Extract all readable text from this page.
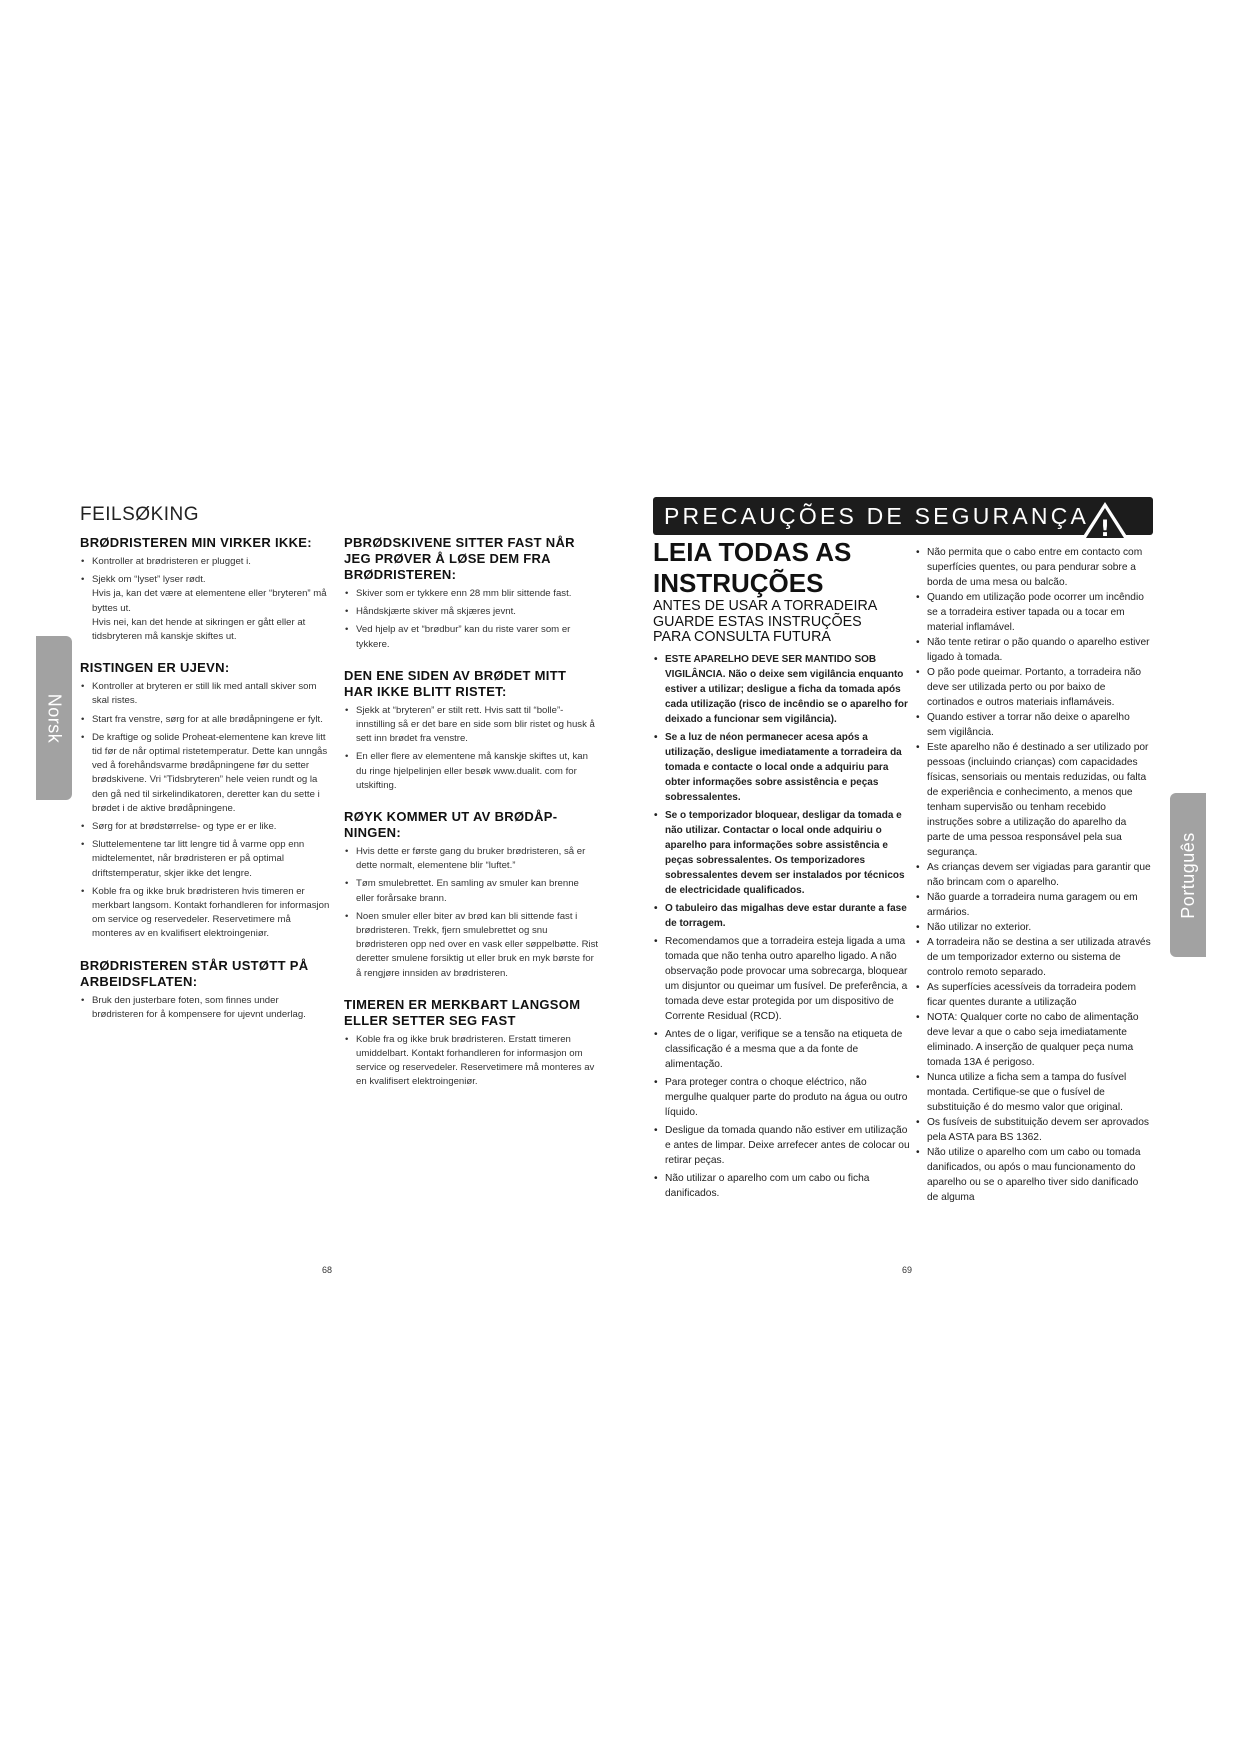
Norsk
FEILSØKING
BRØDRISTEREN MIN VIRKER IKKE:
• Kontroller at brødristeren er plugget i.
• Sjekk om “lyset” lyser rødt.
Hvis ja, kan det være at elementene eller “bryteren” må byttes ut.
Hvis nei, kan det hende at sikringen er gått eller at tidsbryteren må kanskje skiftes ut.
RISTINGEN ER UJEVN:
• Kontroller at bryteren er still lik med antall skiver som skal ristes.
• Start fra venstre, sørg for at alle brødåpningene er fylt.
• De kraftige og solide Proheat-elementene kan kreve litt tid før de når optimal ristetemperatur. Dette kan unngås ved å forehåndsvarme brødåpningene før du setter brødskivene. Vri “Tidsbryteren” hele veien rundt og la den gå ned til sirkelindikatoren, deretter kan du sette i brødet i de aktive brødåpningene.
• Sørg for at brødstørrelse- og type er er like.
• Sluttelementene tar litt lengre tid å varme opp enn midtelementet, når brødristeren er på optimal driftstemperatur, skjer ikke det lengre.
• Koble fra og ikke bruk brødristeren hvis timeren er merkbart langsom. Kontakt forhandleren for informasjon om service og reservedeler. Reservetimere må monteres av en kvalifisert elektroingeniør.
BRØDRISTEREN STÅR USTØTT PÅ ARBEIDSFLATEN:
• Bruk den justerbare foten, som finnes under brødristeren for å kompensere for ujevnt underlag.
PBRØDSKIVENE SITTER FAST NÅR JEG PRØVER Å LØSE DEM FRA BRØDRISTEREN:
• Skiver som er tykkere enn 28 mm blir sittende fast.
• Håndskjærte skiver må skjæres jevnt.
• Ved hjelp av et “brødbur” kan du riste varer som er tykkere.
DEN ENE SIDEN AV BRØDET MITT HAR IKKE BLITT RISTET:
• Sjekk at “bryteren” er stilt rett. Hvis satt til “bolle”-innstilling så er det bare en side som blir ristet og husk å sett inn brødet fra venstre.
• En eller flere av elementene må kanskje skiftes ut, kan du ringe hjelpelinjen eller besøk www.dualit. com for utskifting.
RØYK KOMMER UT AV BRØDÅP-NINGEN:
• Hvis dette er første gang du bruker brødristeren, så er dette normalt, elementene blir “luftet.”
• Tøm smulebrettet. En samling av smuler kan brenne eller forårsake brann.
• Noen smuler eller biter av brød kan bli sittende fast i brødristeren. Trekk, fjern smulebrettet og snu brødristeren opp ned over en vask eller søppelbøtte. Rist deretter smulene forsiktig ut eller bruk en myk børste for å rengjøre innsiden av brødristeren.
TIMEREN ER MERKBART LANGSOM ELLER SETTER SEG FAST
• Koble fra og ikke bruk brødristeren. Erstatt timeren umiddelbart. Kontakt forhandleren for informasjon om service og reservedeler. Reservetimere må monteres av en kvalifisert elektroingeniør.
68
PRECAUÇÕES DE SEGURANÇA
!
LEIA TODAS AS
INSTRUÇÕES
ANTES DE USAR A TORRADEIRA
GUARDE ESTAS INSTRUÇÕES
PARA CONSULTA FUTURA
• ESTE APARELHO DEVE SER MANTIDO SOB VIGILÂNCIA. Não o deixe sem vigilância enquanto estiver a utilizar; desligue a ficha da tomada após cada utilização (risco de incêndio se o aparelho for deixado a funcionar sem vigilância).
• Se a luz de néon permanecer acesa após a utilização, desligue imediatamente a torradeira da tomada e contacte o local onde a adquiriu para obter informações sobre assistência e peças sobressalentes.
• Se o temporizador bloquear, desligar da tomada e não utilizar. Contactar o local onde adquiriu o aparelho para informações sobre assistência e peças sobressalentes. Os temporizadores sobressalentes devem ser instalados por técnicos de electricidade qualificados.
• O tabuleiro das migalhas deve estar durante a fase de torragem.
• Recomendamos que a torradeira esteja ligada a uma tomada que não tenha outro aparelho ligado. A não observação pode provocar uma sobrecarga, bloquear um disjuntor ou queimar um fusível. De preferência, a tomada deve estar protegida por um dispositivo de Corrente Residual (RCD).
• Antes de o ligar, verifique se a tensão na etiqueta de classificação é a mesma que a da fonte de alimentação.
• Para proteger contra o choque eléctrico, não mergulhe qualquer parte do produto na água ou outro líquido.
• Desligue da tomada quando não estiver em utilização e antes de limpar. Deixe arrefecer antes de colocar ou retirar peças.
• Não utilizar o aparelho com um cabo ou ficha danificados.
• Não permita que o cabo entre em contacto com superfícies quentes, ou para pendurar sobre a borda de uma mesa ou balcão.
• Quando em utilização pode ocorrer um incêndio se a torradeira estiver tapada ou a tocar em material inflamável.
• Não tente retirar o pão quando o aparelho estiver ligado à tomada.
• O pão pode queimar. Portanto, a torradeira não deve ser utilizada perto ou por baixo de cortinados e outros materiais inflamáveis.
• Quando estiver a torrar não deixe o aparelho sem vigilância.
• Este aparelho não é destinado a ser utilizado por pessoas (incluindo crianças) com capacidades físicas, sensoriais ou mentais reduzidas, ou falta de experiência e conhecimento, a menos que tenham supervisão ou tenham recebido instruções sobre a utilização do aparelho da parte de uma pessoa responsável pela sua segurança.
• As crianças devem ser vigiadas para garantir que não brincam com o aparelho.
• Não guarde a torradeira numa garagem ou em armários.
• Não utilizar no exterior.
• A torradeira não se destina a ser utilizada através de um temporizador externo ou sistema de controlo remoto separado.
• As superfícies acessíveis da torradeira podem ficar quentes durante a utilização
• NOTA: Qualquer corte no cabo de alimentação deve levar a que o cabo seja imediatamente eliminado. A inserção de qualquer peça numa tomada 13A é perigoso.
• Nunca utilize a ficha sem a tampa do fusível montada. Certifique-se que o fusível de substituição é do mesmo valor que original.
• Os fusíveis de substituição devem ser aprovados pela ASTA para BS 1362.
• Não utilize o aparelho com um cabo ou tomada danificados, ou após o mau funcionamento do aparelho ou se o aparelho tiver sido danificado de alguma
Português
69
